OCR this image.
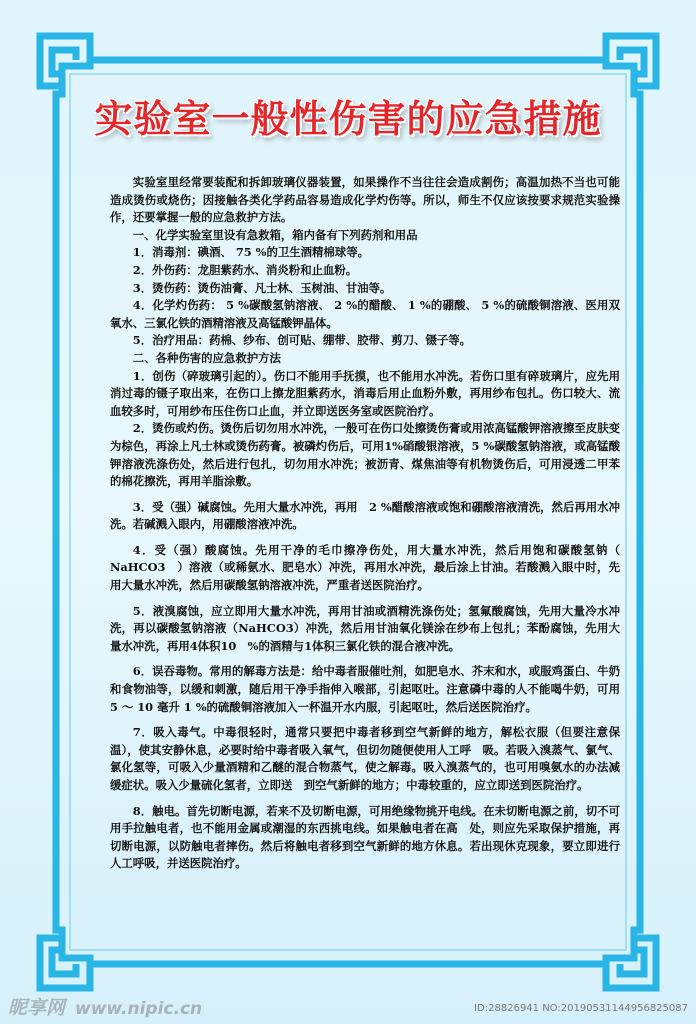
实验室一般性伤害的应急措施

实验室里经常要装配和拆卸玻璃仪器装置，如果操作不当往往会造成割伤；高温加热不当也可能造成烫伤或烧伤；因接触各类化学药品容易造成化学灼伤等。所以，师生不仅应该按要求规范实验操作，还要掌握一般的应急救护方法。

一、化学实验室里设有急救箱，箱内备有下列药剂和用品

1．消毒剂：碘酒、 75 %的卫生酒精棉球等。

2．外伤药：龙胆紫药水、消炎粉和止血粉。

3．烫伤药：烫伤油膏、凡士林、玉树油、甘油等。

4．化学灼伤药： 5 %碳酸氢钠溶液、 2 %的醋酸、 1 %的硼酸、 5 %的硫酸铜溶液、医用双氧水、三氯化铁的酒精溶液及高锰酸钾晶体。

5．治疗用品：药棉、纱布、创可贴、绷带、胶带、剪刀、镊子等。

二、各种伤害的应急救护方法

1．创伤（碎玻璃引起的）。伤口不能用手抚摸，也不能用水冲洗。若伤口里有碎玻璃片，应先用消过毒的镊子取出来，在伤口上擦龙胆紫药水，消毒后用止血粉外敷，再用纱布包扎。伤口较大、流血较多时，可用纱布压住伤口止血，并立即送医务室或医院治疗。

2．烫伤或灼伤。烫伤后切勿用水冲洗，一般可在伤口处擦烫伤膏或用浓高锰酸钾溶液擦至皮肤变为棕色，再涂上凡士林或烫伤药膏。被磷灼伤后，可用1%硝酸银溶液，5 %碳酸氢钠溶液，或高锰酸钾溶液洗涤伤处，然后进行包扎，切勿用水冲洗；被沥青、煤焦油等有机物烫伤后，可用浸透二甲苯的棉花擦洗，再用羊脂涂敷。

3．受（强）碱腐蚀。先用大量水冲洗，再用　2 %醋酸溶液或饱和硼酸溶液清洗，然后再用水冲洗。若碱溅入眼内，用硼酸溶液冲洗。

4．受（强）酸腐蚀。先用干净的毛巾擦净伤处，用大量水冲洗，然后用饱和碳酸氢钠（　NaHCO3　）溶液（或稀氨水、肥皂水）冲洗，再用水冲洗，最后涂上甘油。若酸溅入眼中时，先用大量水冲洗，然后用碳酸氢钠溶液冲洗，严重者送医院治疗。

5．液溴腐蚀，应立即用大量水冲洗，再用甘油或酒精洗涤伤处；氢氟酸腐蚀，先用大量冷水冲洗，再以碳酸氢钠溶液（NaHCO3）冲洗，然后用甘油氧化镁涂在纱布上包扎；苯酚腐蚀，先用大量水冲洗，再用4体积10　%的酒精与1体积三氯化铁的混合液冲洗。

6．误吞毒物。常用的解毒方法是：给中毒者服催吐剂，如肥皂水、芥末和水，或服鸡蛋白、牛奶和食物油等，以缓和刺激，随后用干净手指伸入喉部，引起呕吐。注意磷中毒的人不能喝牛奶，可用 5 ～ 10 毫升 1 %的硫酸铜溶液加入一杯温开水内服，引起呕吐，然后送医院治疗。

7．吸入毒气。中毒很轻时，通常只要把中毒者移到空气新鲜的地方，解松衣服（但要注意保温），使其安静休息，必要时给中毒者吸入氧气，但切勿随便使用人工呼　吸。若吸入溴蒸气、氯气、氯化氢等，可吸入少量酒精和乙醚的混合物蒸气，使之解毒。吸入溴蒸气的，也可用嗅氨水的办法减缓症状。吸入少量硫化氢者，立即送　到空气新鲜的地方；中毒较重的，应立即送到医院治疗。

8．触电。首先切断电源，若来不及切断电源，可用绝缘物挑开电线。在未切断电源之前，切不可用手拉触电者，也不能用金属或潮湿的东西挑电线。如果触电者在高　处，则应先采取保护措施，再切断电源，以防触电者摔伤。然后将触电者移到空气新鲜的地方休息。若出现休克现象，要立即进行人工呼吸，并送医院治疗。

昵享网 www.nipic.cn	ID:28826941 NO:20190531144956825087
